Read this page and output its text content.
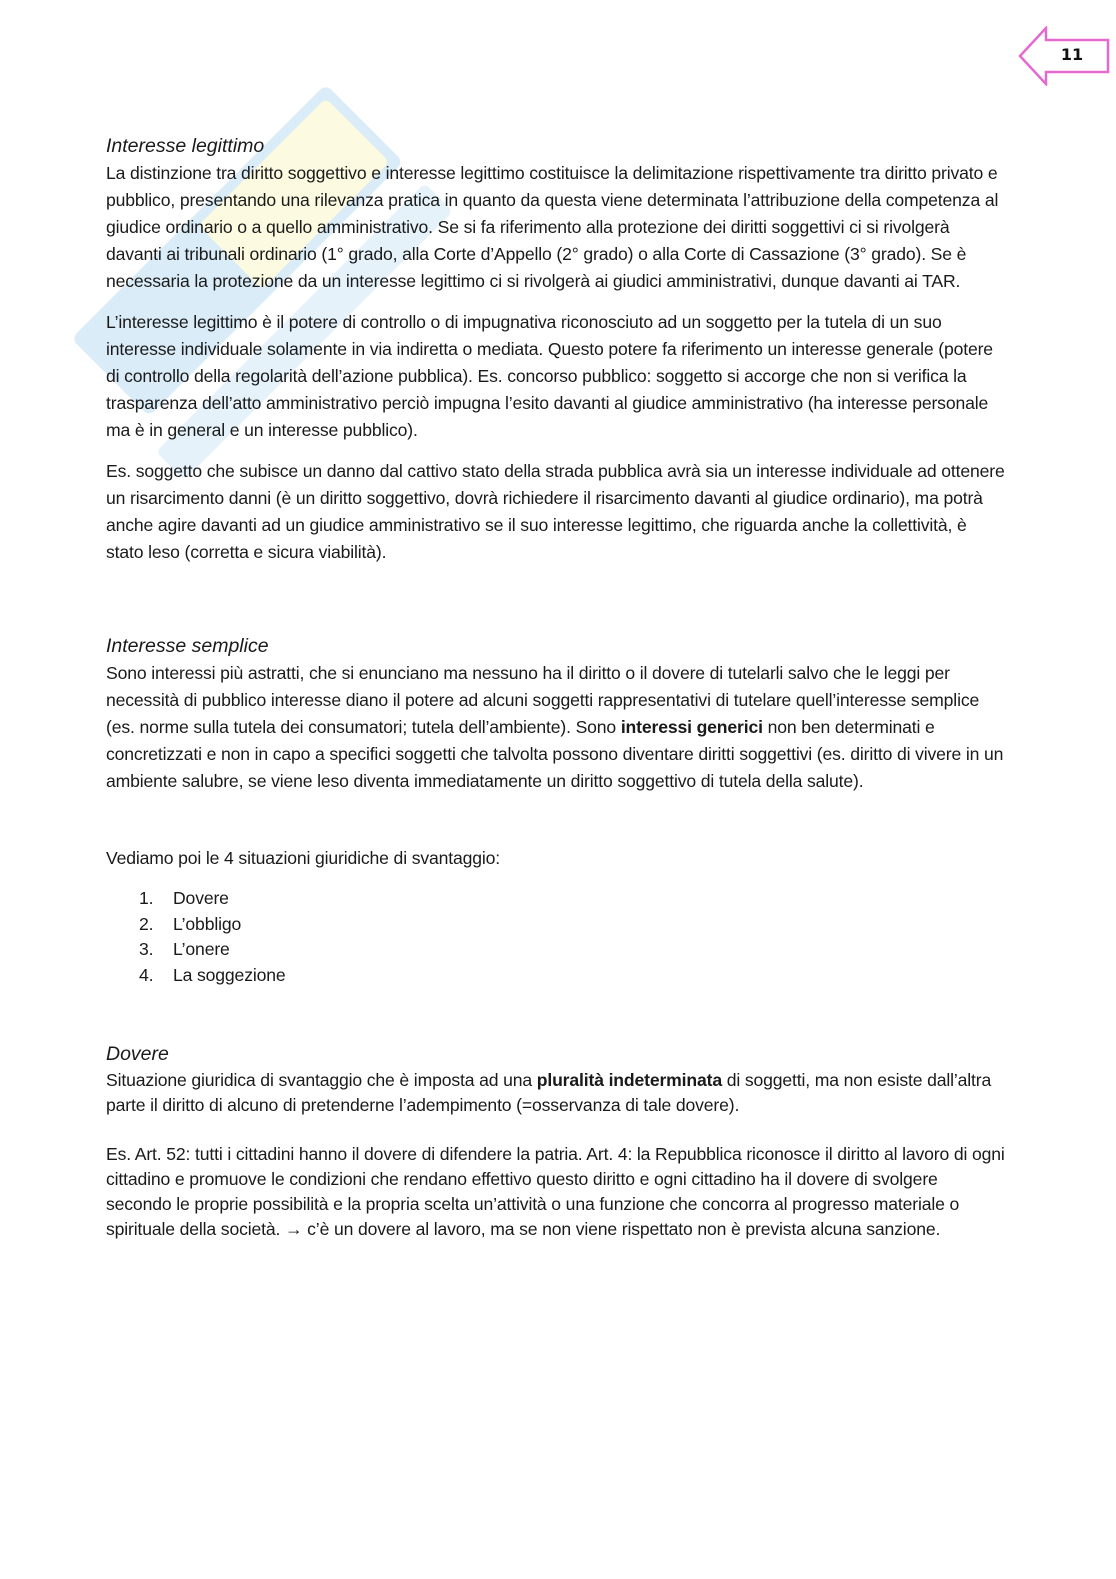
11
Interesse legittimo

La distinzione tra diritto soggettivo e interesse legittimo costituisce la delimitazione rispettivamente tra diritto privato e pubblico, presentando una rilevanza pratica in quanto da questa viene determinata l’attribuzione della competenza al giudice ordinario o a quello amministrativo. Se si fa riferimento alla protezione dei diritti soggettivi ci si rivolgerà davanti ai tribunali ordinario (1° grado, alla Corte d’Appello (2° grado) o alla Corte di Cassazione (3° grado). Se è necessaria la protezione da un interesse legittimo ci si rivolgerà ai giudici amministrativi, dunque davanti ai TAR.

L’interesse legittimo è il potere di controllo o di impugnativa riconosciuto ad un soggetto per la tutela di un suo interesse individuale solamente in via indiretta o mediata. Questo potere fa riferimento un interesse generale (potere di controllo della regolarità dell’azione pubblica). Es. concorso pubblico: soggetto si accorge che non si verifica la trasparenza dell’atto amministrativo perciò impugna l’esito davanti al giudice amministrativo (ha interesse personale ma è in general e un interesse pubblico).

Es. soggetto che subisce un danno dal cattivo stato della strada pubblica avrà sia un interesse individuale ad ottenere un risarcimento danni (è un diritto soggettivo, dovrà richiedere il risarcimento davanti al giudice ordinario), ma potrà anche agire davanti ad un giudice amministrativo se il suo interesse legittimo, che riguarda anche la collettività, è stato leso (corretta e sicura viabilità).

Interesse semplice

Sono interessi più astratti, che si enunciano ma nessuno ha il diritto o il dovere di tutelarli salvo che le leggi per necessità di pubblico interesse diano il potere ad alcuni soggetti rappresentativi di tutelare quell’interesse semplice (es. norme sulla tutela dei consumatori; tutela dell’ambiente). Sono interessi generici non ben determinati e concretizzati e non in capo a specifici soggetti che talvolta possono diventare diritti soggettivi (es. diritto di vivere in un ambiente salubre, se viene leso diventa immediatamente un diritto soggettivo di tutela della salute).

Vediamo poi le 4 situazioni giuridiche di svantaggio:

1.	Dovere
2.	L’obbligo
3.	L’onere
4.	La soggezione
Dovere

Situazione giuridica di svantaggio che è imposta ad una pluralità indeterminata di soggetti, ma non esiste dall’altra parte il diritto di alcuno di pretenderne l’adempimento (=osservanza di tale dovere).

Es. Art. 52: tutti i cittadini hanno il dovere di difendere la patria. Art. 4: la Repubblica riconosce il diritto al lavoro di ogni cittadino e promuove le condizioni che rendano effettivo questo diritto e ogni cittadino ha il dovere di svolgere secondo le proprie possibilità e la propria scelta un’attività o una funzione che concorra al progresso materiale o spirituale della società. → c’è un dovere al lavoro, ma se non viene rispettato non è prevista alcuna sanzione.
